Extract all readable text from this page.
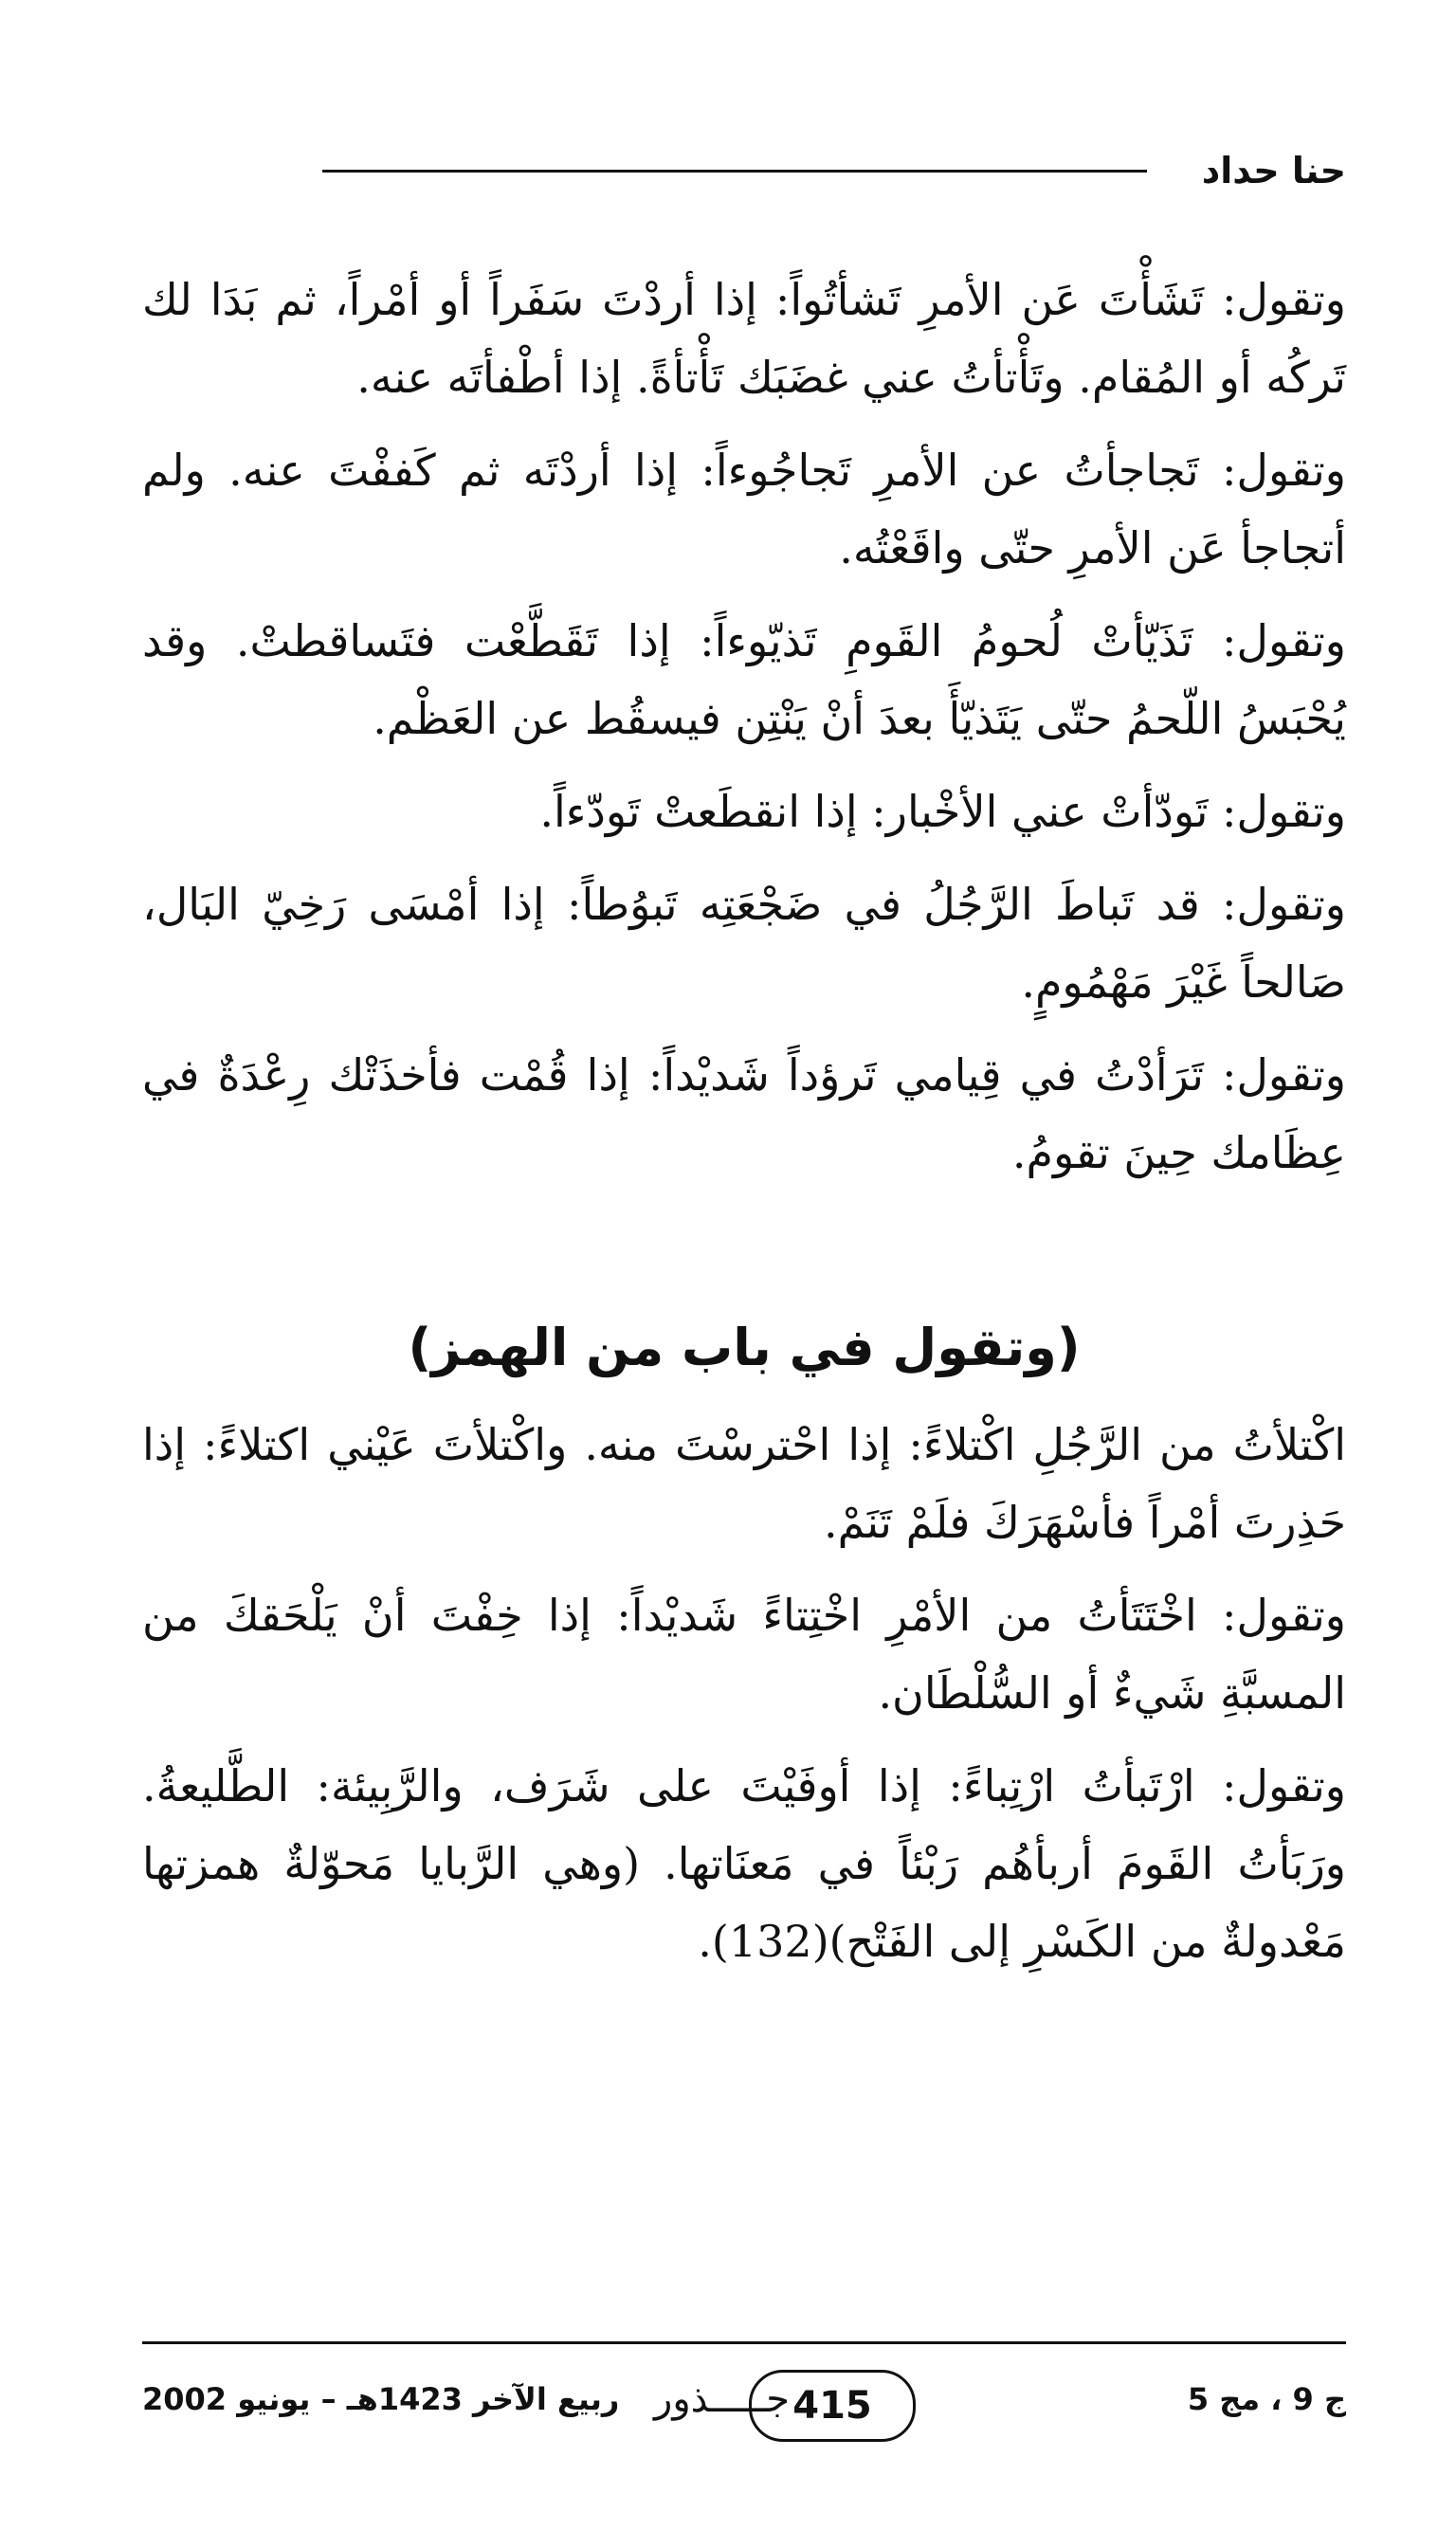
حنا حداد

وتقول: تَشَأْتَ عَن الأمرِ تَشأتُواً: إذا أردْتَ سَفَراً أو أمْراً، ثم بَدَا لك تَركُه أو المُقام. وتَأْتأتُ عني غضَبَك تَأْتأةً. إذا أطْفأتَه عنه.

وتقول: تَجاجأتُ عن الأمرِ تَجاجُوءاً: إذا أردْتَه ثم كَففْتَ عنه. ولم أتجاجأ عَن الأمرِ حتّى واقَعْتُه.

وتقول: تَذَيّأتْ لُحومُ القَومِ تَذيّوءاً: إذا تَقَطَّعْت فتَساقطتْ. وقد يُحْبَسُ اللّحمُ حتّى يَتَذيّأَ بعدَ أنْ يَنْتِن فيسقُط عن العَظْم.

وتقول: تَودّأتْ عني الأخْبار: إذا انقطَعتْ تَودّءاً.

وتقول: قد تَباطَ الرَّجُلُ في ضَجْعَتِه تَبوُطاً: إذا أمْسَى رَخِيّ البَال، صَالحاً غَيْرَ مَهْمُومٍ.

وتقول: تَرَأدْتُ في قِيامي تَرؤداً شَديْداً: إذا قُمْت فأخذَتْك رِعْدَةٌ في عِظَامك حِينَ تقومُ.

(وتقول في باب من الهمز)

اكْتلأتُ من الرَّجُلِ اكْتلاءً: إذا احْترسْتَ منه. واكْتلأتَ عَيْني اكتلاءً: إذا حَذِرتَ أمْراً فأسْهَرَكَ فلَمْ تَنَمْ.

وتقول: اخْتَتَأتُ من الأمْرِ اخْتِتاءً شَديْداً: إذا خِفْتَ أنْ يَلْحَقكَ من المسبَّةِ شَيءٌ أو السُّلْطَان.

وتقول: ارْتَبأتُ ارْتِباءً: إذا أوفَيْتَ على شَرَف، والرَّبِيئة: الطَّليعةُ. ورَبَأتُ القَومَ أربأهُم رَبْئاً في مَعنَاتها. (وهي الرَّبايا مَحوّلةٌ همزتها مَعْدولةٌ من الكَسْرِ إلى الفَتْح)(132).

ج 9 ، مج 5
415
جـــــذور
ربيع الآخر 1423هـ – يونيو 2002
